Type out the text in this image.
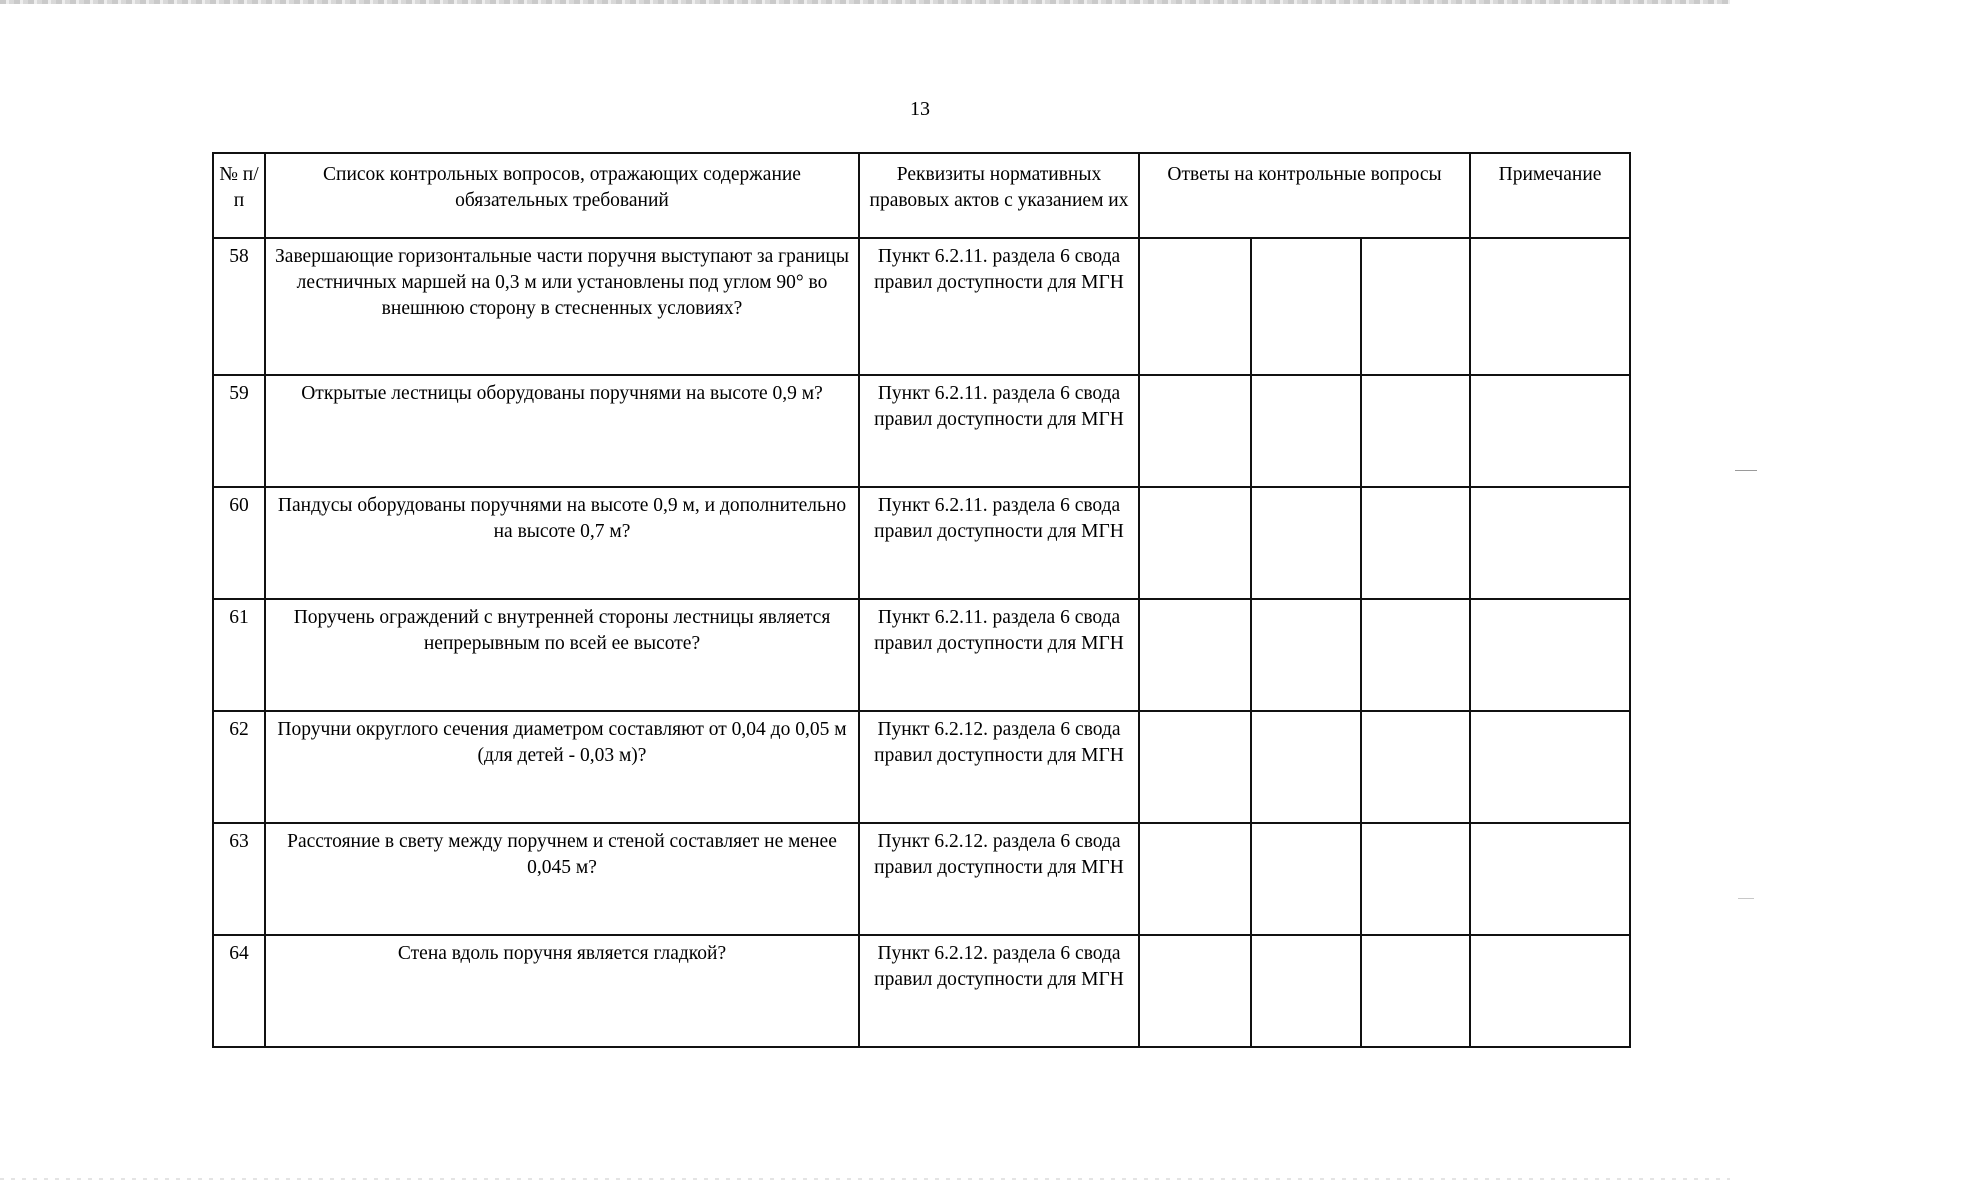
13
№ п/п	Список контрольных вопросов, отражающих содержание обязательных требований	Реквизиты нормативных правовых актов с указанием их	Ответы на контрольные вопросы			Примечание
58	Завершающие горизонтальные части поручня выступают за границы лестничных маршей на 0,3 м или установлены под углом 90° во внешнюю сторону в стесненных условиях?	Пункт 6.2.11. раздела 6 свода правил доступности для МГН				
59	Открытые лестницы оборудованы поручнями на высоте 0,9 м?	Пункт 6.2.11. раздела 6 свода правил доступности для МГН				
60	Пандусы оборудованы поручнями на высоте 0,9 м, и дополнительно на высоте 0,7 м?	Пункт 6.2.11. раздела 6 свода правил доступности для МГН				
61	Поручень ограждений с внутренней стороны лестницы является непрерывным по всей ее высоте?	Пункт 6.2.11. раздела 6 свода правил доступности для МГН				
62	Поручни округлого сечения диаметром составляют от 0,04 до 0,05 м (для детей - 0,03 м)?	Пункт 6.2.12. раздела 6 свода правил доступности для МГН				
63	Расстояние в свету между поручнем и стеной составляет не менее 0,045 м?	Пункт 6.2.12. раздела 6 свода правил доступности для МГН				
64	Стена вдоль поручня является гладкой?	Пункт 6.2.12. раздела 6 свода правил доступности для МГН				
